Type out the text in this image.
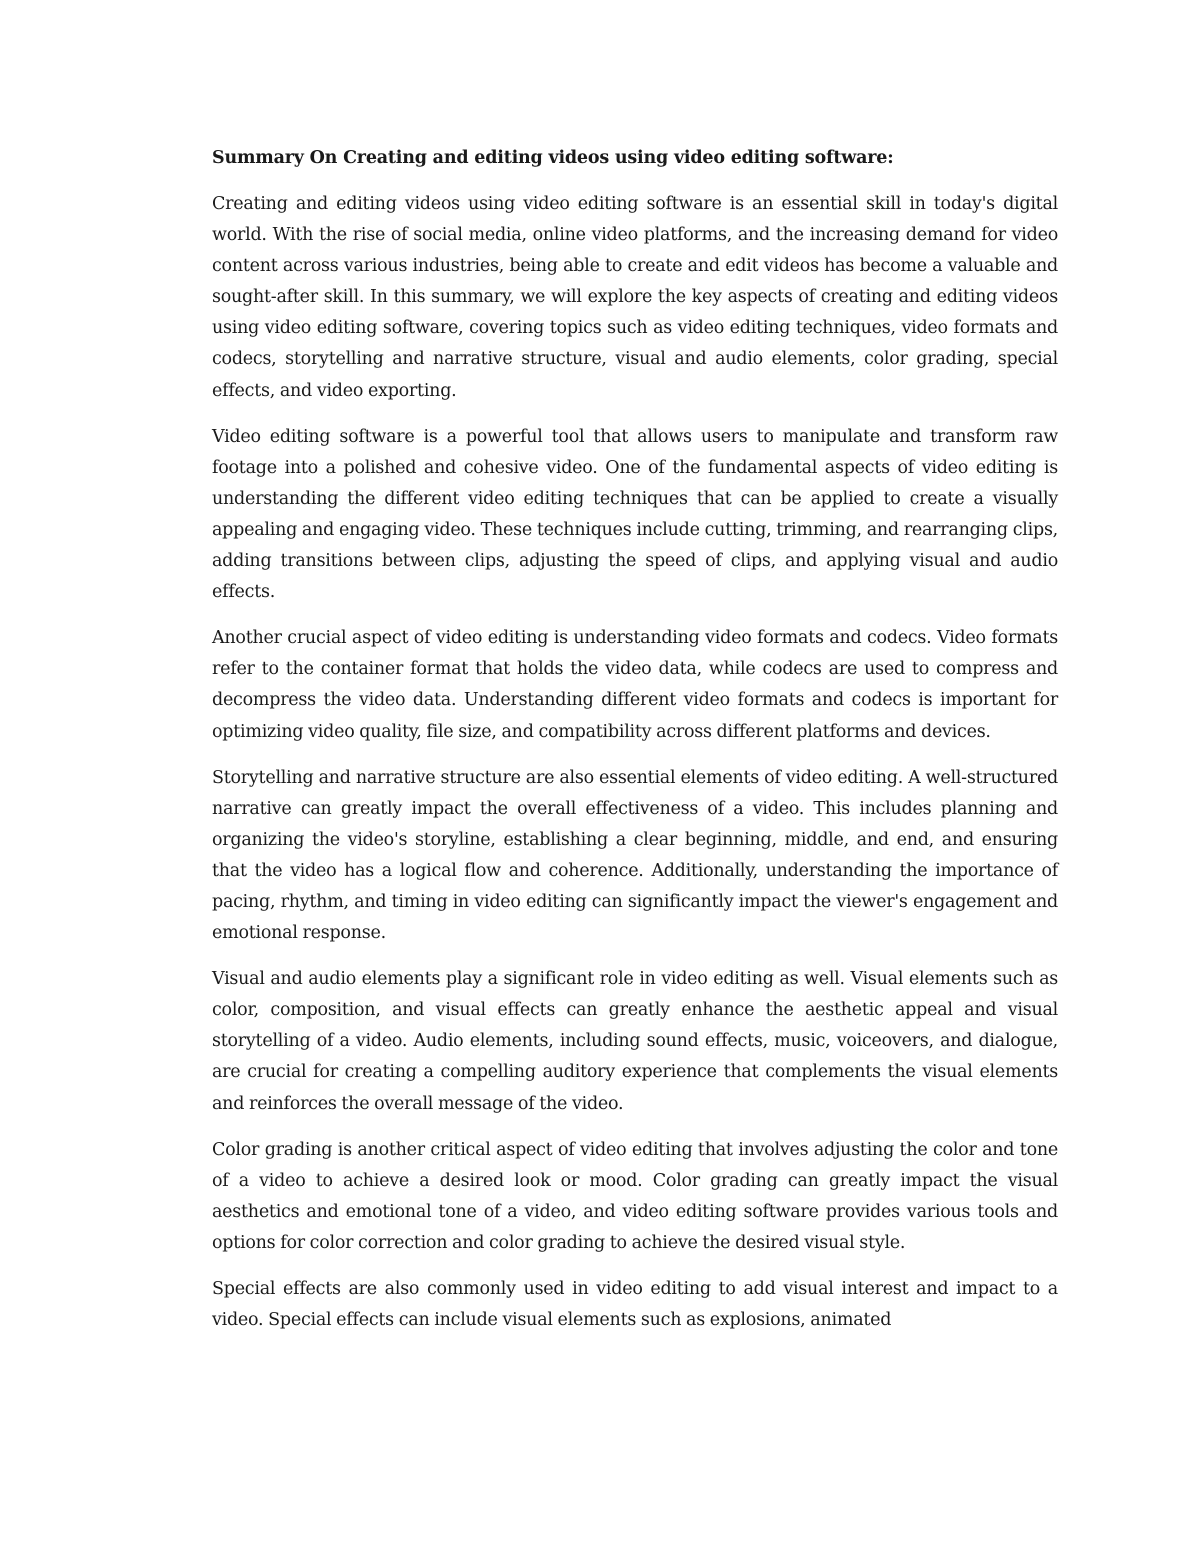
Summary On Creating and editing videos using video editing software:

Creating and editing videos using video editing software is an essential skill in today's digital world. With the rise of social media, online video platforms, and the increasing demand for video content across various industries, being able to create and edit videos has become a valuable and sought-after skill. In this summary, we will explore the key aspects of creating and editing videos using video editing software, covering topics such as video editing techniques, video formats and codecs, storytelling and narrative structure, visual and audio elements, color grading, special effects, and video exporting.

Video editing software is a powerful tool that allows users to manipulate and transform raw footage into a polished and cohesive video. One of the fundamental aspects of video editing is understanding the different video editing techniques that can be applied to create a visually appealing and engaging video. These techniques include cutting, trimming, and rearranging clips, adding transitions between clips, adjusting the speed of clips, and applying visual and audio effects.

Another crucial aspect of video editing is understanding video formats and codecs. Video formats refer to the container format that holds the video data, while codecs are used to compress and decompress the video data. Understanding different video formats and codecs is important for optimizing video quality, file size, and compatibility across different platforms and devices.

Storytelling and narrative structure are also essential elements of video editing. A well-structured narrative can greatly impact the overall effectiveness of a video. This includes planning and organizing the video's storyline, establishing a clear beginning, middle, and end, and ensuring that the video has a logical flow and coherence. Additionally, understanding the importance of pacing, rhythm, and timing in video editing can significantly impact the viewer's engagement and emotional response.

Visual and audio elements play a significant role in video editing as well. Visual elements such as color, composition, and visual effects can greatly enhance the aesthetic appeal and visual storytelling of a video. Audio elements, including sound effects, music, voiceovers, and dialogue, are crucial for creating a compelling auditory experience that complements the visual elements and reinforces the overall message of the video.

Color grading is another critical aspect of video editing that involves adjusting the color and tone of a video to achieve a desired look or mood. Color grading can greatly impact the visual aesthetics and emotional tone of a video, and video editing software provides various tools and options for color correction and color grading to achieve the desired visual style.

Special effects are also commonly used in video editing to add visual interest and impact to a video. Special effects can include visual elements such as explosions, animated
